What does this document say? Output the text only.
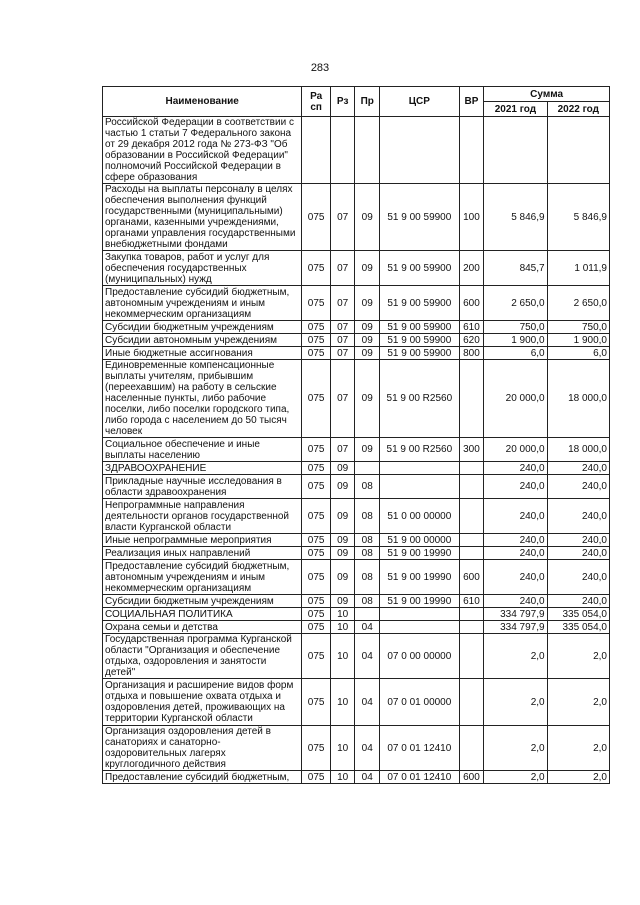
283
Наименование	Ра сп	Рз	Пр	ЦСР	ВР	Сумма	
						2021 год	2022 год
Российской Федерации в соответствии с частью 1 статьи 7 Федерального закона от 29 декабря 2012 года № 273-ФЗ "Об образовании в Российской Федерации" полномочий Российской Федерации в сфере образования							
Расходы на выплаты персоналу в целях обеспечения выполнения функций государственными (муниципальными) органами, казенными учреждениями, органами управления государственными внебюджетными фондами	075	07	09	51 9 00 59900	100	5 846,9	5 846,9
Закупка товаров, работ и услуг для обеспечения государственных (муниципальных) нужд	075	07	09	51 9 00 59900	200	845,7	1 011,9
Предоставление субсидий бюджетным, автономным учреждениям и иным некоммерческим организациям	075	07	09	51 9 00 59900	600	2 650,0	2 650,0
Субсидии бюджетным учреждениям	075	07	09	51 9 00 59900	610	750,0	750,0
Субсидии автономным учреждениям	075	07	09	51 9 00 59900	620	1 900,0	1 900,0
Иные бюджетные ассигнования	075	07	09	51 9 00 59900	800	6,0	6,0
Единовременные компенсационные выплаты учителям, прибывшим (переехавшим) на работу в сельские населенные пункты, либо рабочие поселки, либо поселки городского типа, либо города с населением до 50 тысяч человек	075	07	09	51 9 00 R2560		20 000,0	18 000,0
Социальное обеспечение и иные выплаты населению	075	07	09	51 9 00 R2560	300	20 000,0	18 000,0
ЗДРАВООХРАНЕНИЕ	075	09				240,0	240,0
Прикладные научные исследования в области здравоохранения	075	09	08			240,0	240,0
Непрограммные направления деятельности органов государственной власти Курганской области	075	09	08	51 0 00 00000		240,0	240,0
Иные непрограммные мероприятия	075	09	08	51 9 00 00000		240,0	240,0
Реализация иных направлений	075	09	08	51 9 00 19990		240,0	240,0
Предоставление субсидий бюджетным, автономным учреждениям и иным некоммерческим организациям	075	09	08	51 9 00 19990	600	240,0	240,0
Субсидии бюджетным учреждениям	075	09	08	51 9 00 19990	610	240,0	240,0
СОЦИАЛЬНАЯ ПОЛИТИКА	075	10				334 797,9	335 054,0
Охрана семьи и детства	075	10	04			334 797,9	335 054,0
Государственная программа Курганской области "Организация и обеспечение отдыха, оздоровления и занятости детей"	075	10	04	07 0 00 00000		2,0	2,0
Организация и расширение видов форм отдыха и повышение охвата отдыха и оздоровления детей, проживающих на территории Курганской области	075	10	04	07 0 01 00000		2,0	2,0
Организация оздоровления детей в санаториях и санаторно-оздоровительных лагерях круглогодичного действия	075	10	04	07 0 01 12410		2,0	2,0
Предоставление субсидий бюджетным,	075	10	04	07 0 01 12410	600	2,0	2,0
